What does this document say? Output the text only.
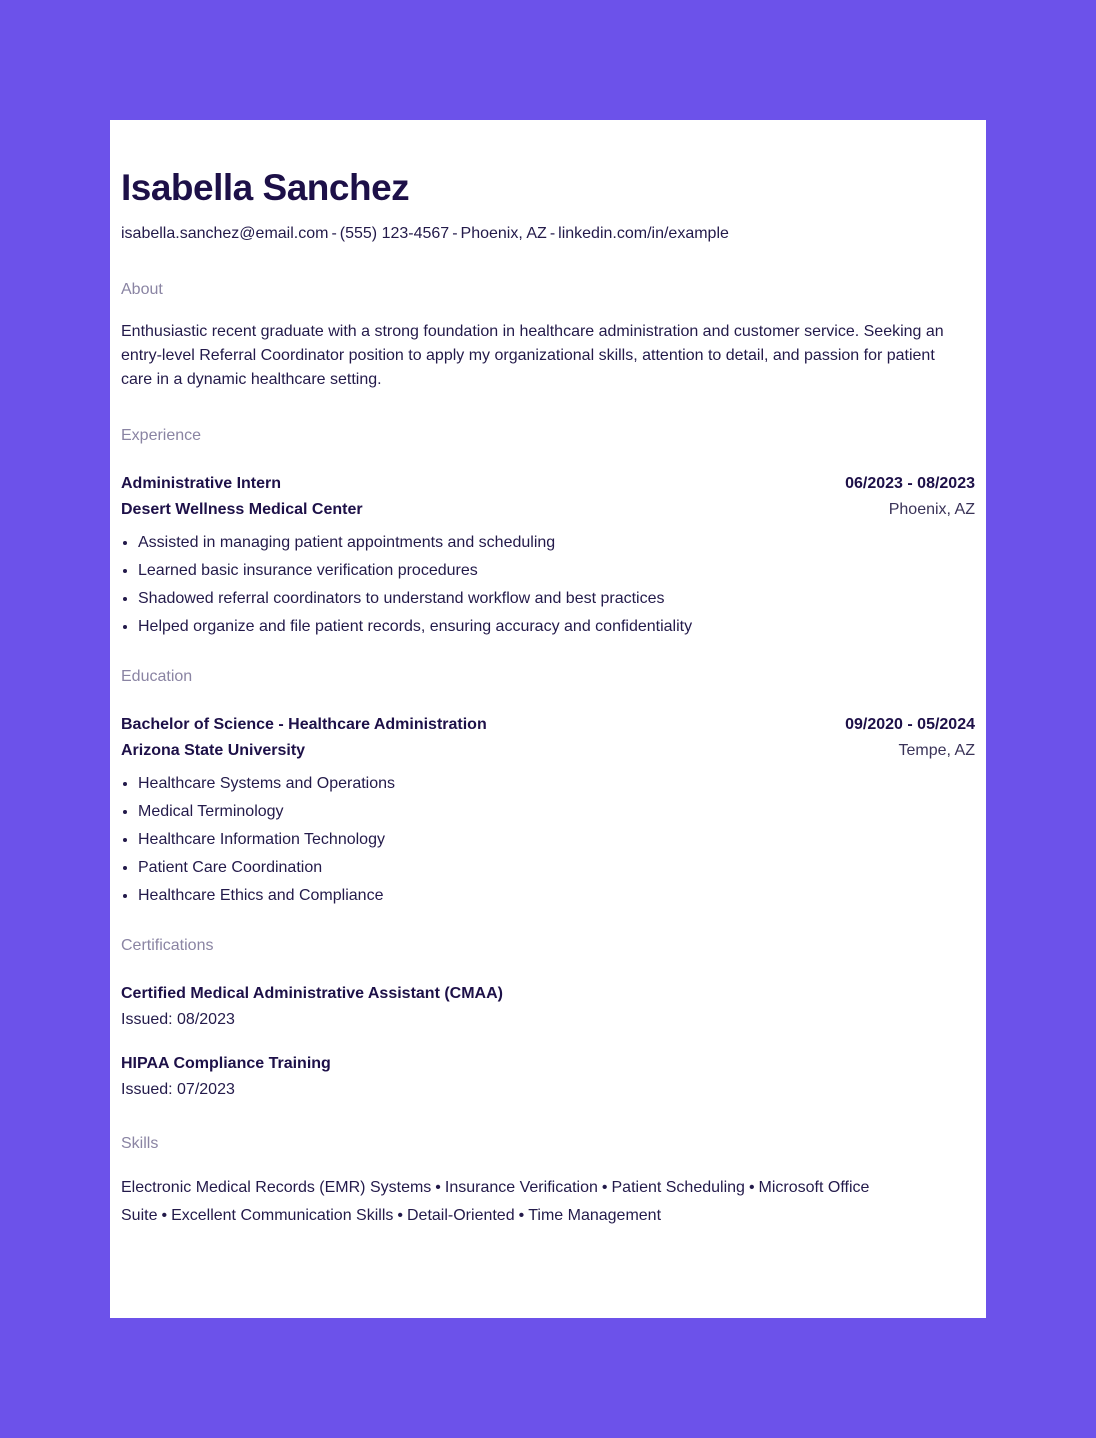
Isabella Sanchez
isabella.sanchez@email.com - (555) 123-4567 - Phoenix, AZ - linkedin.com/in/example
About
Enthusiastic recent graduate with a strong foundation in healthcare administration and customer service. Seeking an entry-level Referral Coordinator position to apply my organizational skills, attention to detail, and passion for patient care in a dynamic healthcare setting.
Experience
Administrative Intern	06/2023 - 08/2023
Desert Wellness Medical Center	Phoenix, AZ
• Assisted in managing patient appointments and scheduling
• Learned basic insurance verification procedures
• Shadowed referral coordinators to understand workflow and best practices
• Helped organize and file patient records, ensuring accuracy and confidentiality
Education
Bachelor of Science - Healthcare Administration	09/2020 - 05/2024
Arizona State University	Tempe, AZ
• Healthcare Systems and Operations
• Medical Terminology
• Healthcare Information Technology
• Patient Care Coordination
• Healthcare Ethics and Compliance
Certifications
Certified Medical Administrative Assistant (CMAA)
Issued: 08/2023
HIPAA Compliance Training
Issued: 07/2023
Skills
Electronic Medical Records (EMR) Systems • Insurance Verification • Patient Scheduling • Microsoft Office Suite • Excellent Communication Skills • Detail-Oriented • Time Management
